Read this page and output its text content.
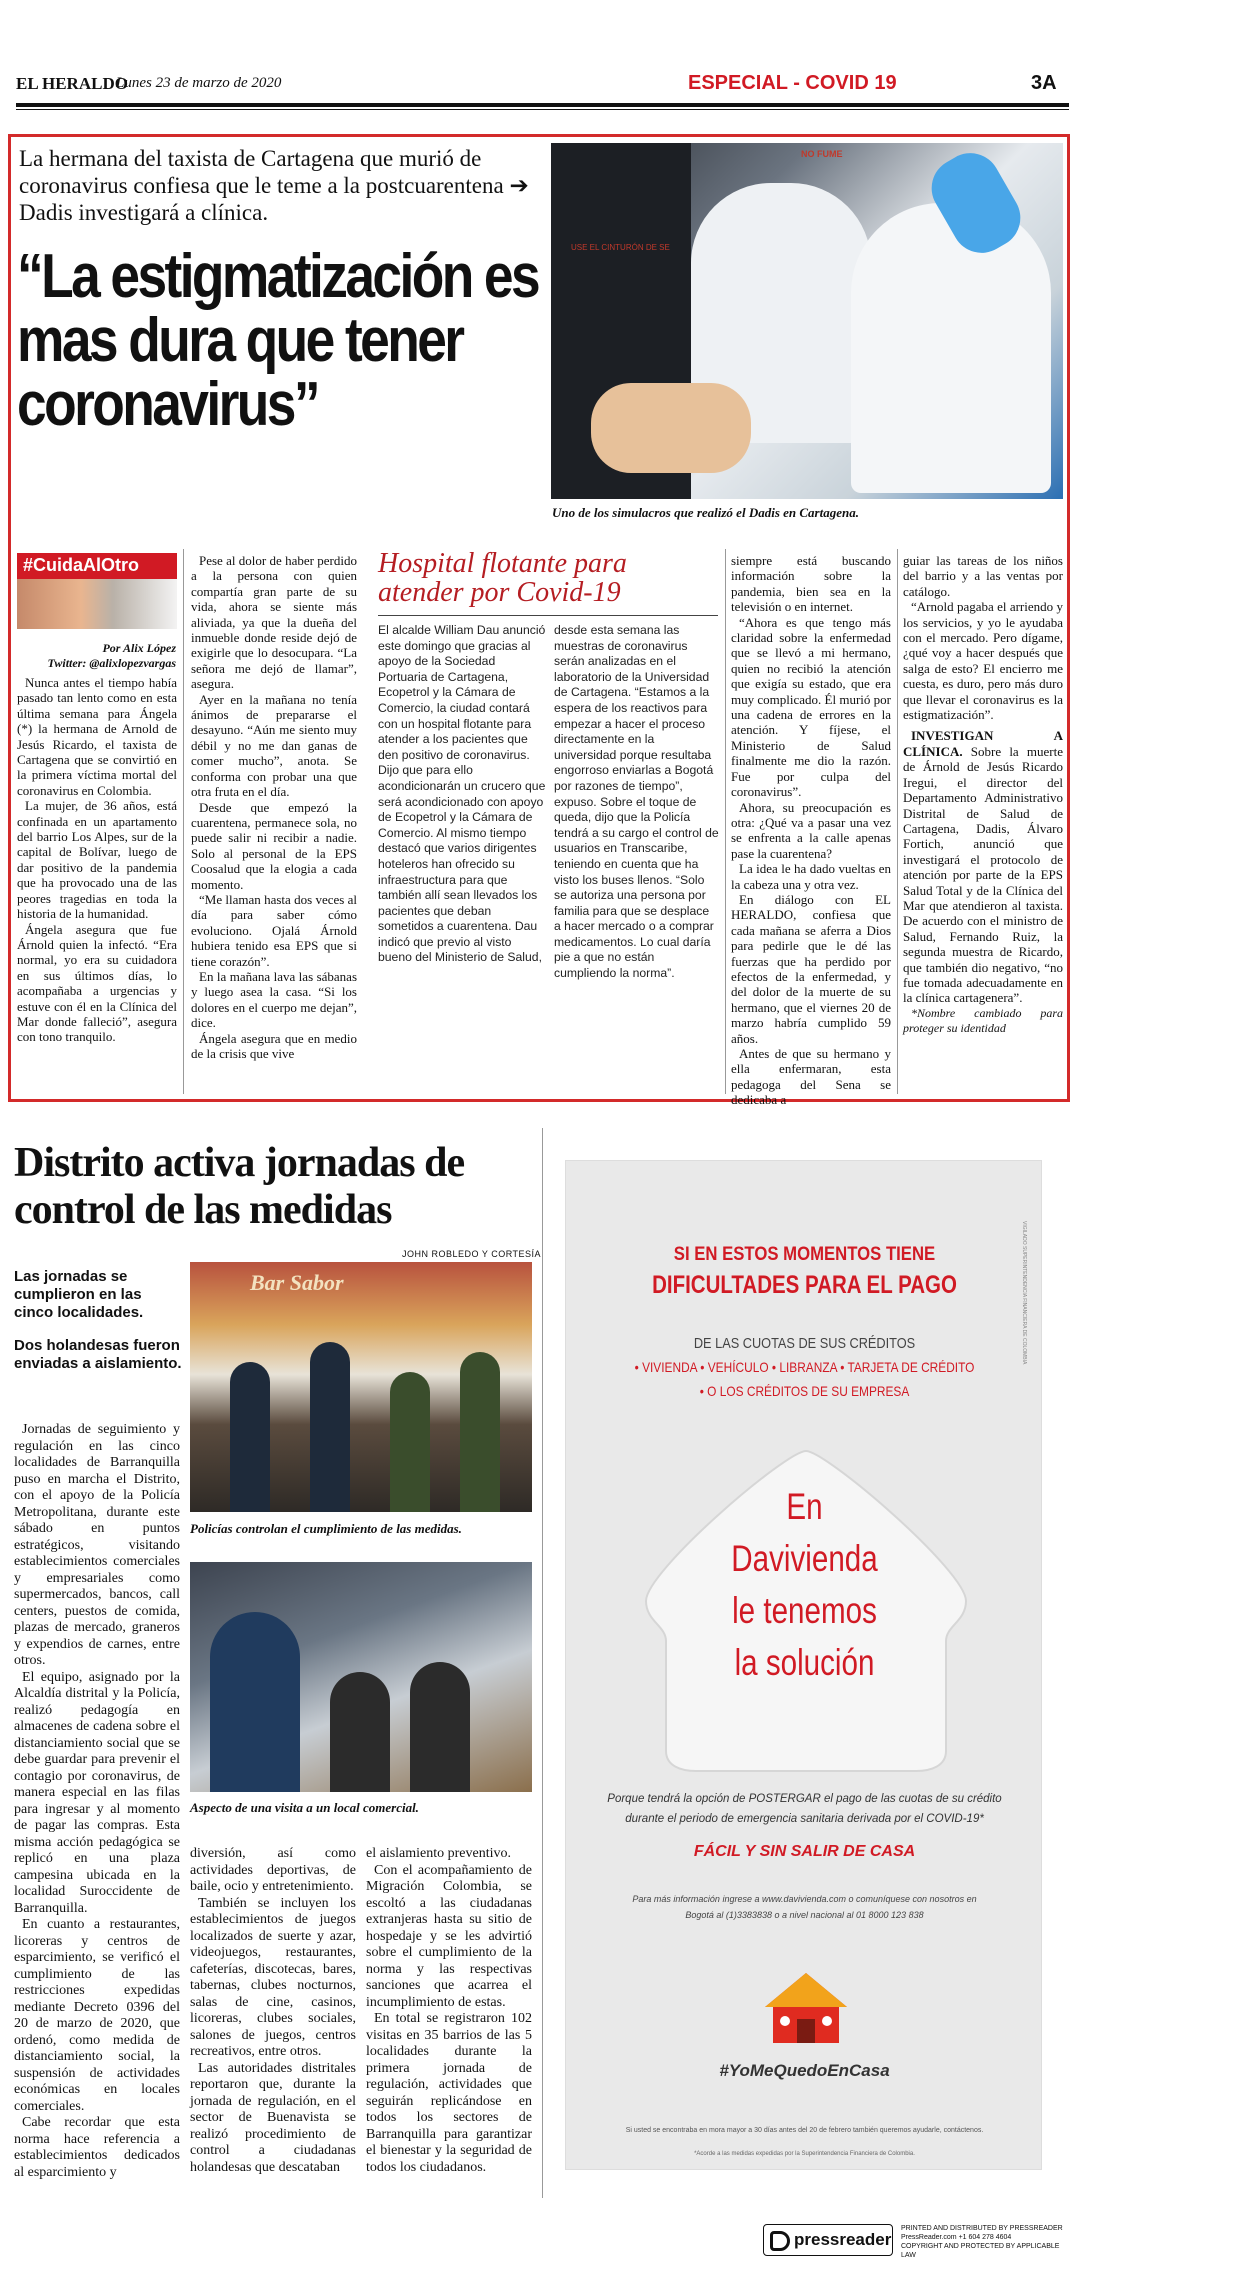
EL HERALDO
Lunes 23 de marzo de 2020	ESPECIAL - COVID 19	3A
La hermana del taxista de Cartagena que murió de coronavirus confiesa que le teme a la postcuarentena ➔ Dadis investigará a clínica.
“La estigmatización es mas dura que tener coronavirus”
NO FUME
USE EL CINTURÓN DE SE
Uno de los simulacros que realizó el Dadis en Cartagena.
#CuidaAlOtro
Por Alix López
Twitter: @alixlopezvargas

Nunca antes el tiempo había pasado tan lento como en esta última semana para Ángela (*) la hermana de Arnold de Jesús Ricardo, el taxista de Cartagena que se convirtió en la primera víctima mortal del coronavirus en Colombia.

La mujer, de 36 años, está confinada en un apartamento del barrio Los Alpes, sur de la capital de Bolívar, luego de dar positivo de la pandemia que ha provocado una de las peores tragedias en toda la historia de la humanidad.

Ángela asegura que fue Árnold quien la infectó. “Era normal, yo era su cuidadora en sus últimos días, lo acompañaba a urgencias y estuve con él en la Clínica del Mar donde falleció”, asegura con tono tranquilo.

Pese al dolor de haber perdido a la persona con quien compartía gran parte de su vida, ahora se siente más aliviada, ya que la dueña del inmueble donde reside dejó de exigirle que lo desocupara. “La señora me dejó de llamar”, asegura.

Ayer en la mañana no tenía ánimos de prepararse el desayuno. “Aún me siento muy débil y no me dan ganas de comer mucho”, anota. Se conforma con probar una que otra fruta en el día.

Desde que empezó la cuarentena, permanece sola, no puede salir ni recibir a nadie. Solo al personal de la EPS Coosalud que la elogia a cada momento.

“Me llaman hasta dos veces al día para saber cómo evoluciono. Ojalá Árnold hubiera tenido esa EPS que si tiene corazón”.

En la mañana lava las sábanas y luego asea la casa. “Si los dolores en el cuerpo me dejan”, dice.

Ángela asegura que en medio de la crisis que vive

Hospital flotante para atender por Covid-19
El alcalde William Dau anunció este domingo que gracias al apoyo de la Sociedad Portuaria de Cartagena, Ecopetrol y la Cámara de Comercio, la ciudad contará con un hospital flotante para atender a los pacientes que den positivo de coronavirus. Dijo que para ello acondicionarán un crucero que será acondicionado con apoyo de Ecopetrol y la Cámara de Comercio. Al mismo tiempo destacó que varios dirigentes hoteleros han ofrecido su infraestructura para que también allí sean llevados los pacientes que deban sometidos a cuarentena. Dau indicó que previo al visto bueno del Ministerio de Salud,
desde esta semana las muestras de coronavirus serán analizadas en el laboratorio de la Universidad de Cartagena. “Estamos a la espera de los reactivos para empezar a hacer el proceso directamente en la universidad porque resultaba engorroso enviarlas a Bogotá por razones de tiempo”, expuso. Sobre el toque de queda, dijo que la Policía tendrá a su cargo el control de usuarios en Transcaribe, teniendo en cuenta que ha visto los buses llenos. “Solo se autoriza una persona por familia para que se desplace a hacer mercado o a comprar medicamentos. Lo cual daría pie a que no están cumpliendo la norma”.

siempre está buscando información sobre la pandemia, bien sea en la televisión o en internet.

“Ahora es que tengo más claridad sobre la enfermedad que se llevó a mi hermano, quien no recibió la atención que exigía su estado, que era muy complicado. Él murió por una cadena de errores en la atención. Y fíjese, el Ministerio de Salud finalmente me dio la razón. Fue por culpa del coronavirus”.

Ahora, su preocupación es otra: ¿Qué va a pasar una vez se enfrenta a la calle apenas pase la cuarentena?

La idea le ha dado vueltas en la cabeza una y otra vez.

En diálogo con EL HERALDO, confiesa que cada mañana se aferra a Dios para pedirle que le dé las fuerzas que ha perdido por efectos de la enfermedad, y del dolor de la muerte de su hermano, que el viernes 20 de marzo habría cumplido 59 años.

Antes de que su hermano y ella enfermaran, esta pedagoga del Sena se dedicaba a

guiar las tareas de los niños del barrio y a las ventas por catálogo.

“Arnold pagaba el arriendo y los servicios, y yo le ayudaba con el mercado. Pero dígame, ¿qué voy a hacer después que salga de esto? El encierro me cuesta, es duro, pero más duro que llevar el coronavirus es la estigmatización”.

INVESTIGAN A CLÍNICA. Sobre la muerte de Árnold de Jesús Ricardo Iregui, el director del Departamento Administrativo Distrital de Salud de Cartagena, Dadis, Álvaro Fortich, anunció que investigará el protocolo de atención por parte de la EPS Salud Total y de la Clínica del Mar que atendieron al taxista. De acuerdo con el ministro de Salud, Fernando Ruiz, la segunda muestra de Ricardo, que también dio negativo, “no fue tomada adecuadamente en la clínica cartagenera”.

*Nombre cambiado para proteger su identidad

Distrito activa jornadas de control de las medidas
JOHN ROBLEDO Y CORTESÍA
Las jornadas se cumplieron en las cinco localidades.
Dos holandesas fueron enviadas a aislamiento.
Bar Sabor
Policías controlan el cumplimiento de las medidas.
Aspecto de una visita a un local comercial.

Jornadas de seguimiento y regulación en las cinco localidades de Barranquilla puso en marcha el Distrito, con el apoyo de la Policía Metropolitana, durante este sábado en puntos estratégicos, visitando establecimientos comerciales y empresariales como supermercados, bancos, call centers, puestos de comida, plazas de mercado, graneros y expendios de carnes, entre otros.

El equipo, asignado por la Alcaldía distrital y la Policía, realizó pedagogía en almacenes de cadena sobre el distanciamiento social que se debe guardar para prevenir el contagio por coronavirus, de manera especial en las filas para ingresar y al momento de pagar las compras. Esta misma acción pedagógica se replicó en una plaza campesina ubicada en la localidad Suroccidente de Barranquilla.

En cuanto a restaurantes, licoreras y centros de esparcimiento, se verificó el cumplimiento de las restricciones expedidas mediante Decreto 0396 del 20 de marzo de 2020, que ordenó, como medida de distanciamiento social, la suspensión de actividades económicas en locales comerciales.

Cabe recordar que esta norma hace referencia a establecimientos dedicados al esparcimiento y

diversión, así como actividades deportivas, de baile, ocio y entretenimiento.

También se incluyen los establecimientos de juegos localizados de suerte y azar, videojuegos, restaurantes, cafeterías, discotecas, bares, tabernas, clubes nocturnos, salas de cine, casinos, licoreras, clubes sociales, salones de juegos, centros recreativos, entre otros.

Las autoridades distritales reportaron que, durante la jornada de regulación, en el sector de Buenavista se realizó procedimiento de control a ciudadanas holandesas que descataban

el aislamiento preventivo.

Con el acompañamiento de Migración Colombia, se escoltó a las ciudadanas extranjeras hasta su sitio de hospedaje y se les advirtió sobre el cumplimiento de la norma y las respectivas sanciones que acarrea el incumplimiento de estas.

En total se registraron 102 visitas en 35 barrios de las 5 localidades durante la primera jornada de regulación, actividades que seguirán replicándose en todos los sectores de Barranquilla para garantizar el bienestar y la seguridad de todos los ciudadanos.

VIGILADO SUPERINTENDENCIA FINANCIERA DE COLOMBIA
SI EN ESTOS MOMENTOS TIENE
DIFICULTADES PARA EL PAGO
DE LAS CUOTAS DE SUS CRÉDITOS
• VIVIENDA • VEHÍCULO • LIBRANZA • TARJETA DE CRÉDITO
• O LOS CRÉDITOS DE SU EMPRESA
En
Davivienda
le tenemos
la solución
Porque tendrá la opción de POSTERGAR el pago de las cuotas de su crédito durante el periodo de emergencia sanitaria derivada por el COVID-19*
FÁCIL Y SIN SALIR DE CASA
Para más información ingrese a www.davivienda.com o comuníquese con nosotros en Bogotá al (1)3383838 o a nivel nacional al 01 8000 123 838
#YoMeQuedoEnCasa
Si usted se encontraba en mora mayor a 30 días antes del 20 de febrero también queremos ayudarle, contáctenos.
*Acorde a las medidas expedidas por la Superintendencia Financiera de Colombia.
pressreader
PRINTED AND DISTRIBUTED BY PRESSREADER
PressReader.com +1 604 278 4604
COPYRIGHT AND PROTECTED BY APPLICABLE LAW
